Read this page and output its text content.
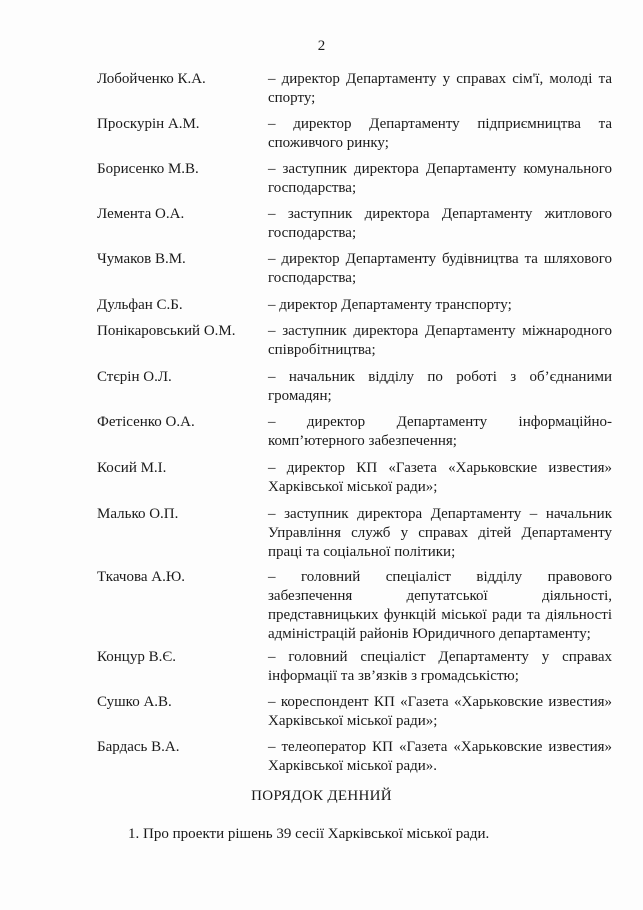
2
Лобойченко К.А.	– директор Департаменту у справах сім'ї, молоді та
спорту;
Проскурін А.М.	– директор Департаменту підприємництва та
споживчого ринку;
Борисенко М.В.	– заступник директора Департаменту комунального
господарства;
Лемента О.А.	– заступник директора Департаменту житлового
господарства;
Чумаков В.М.	– директор Департаменту будівництва та шляхового
господарства;
Дульфан С.Б.	– директор Департаменту транспорту;
Понікаровський О.М. – заступник директора Департаменту міжнародного
співробітництва;
Стєрін О.Л.	– начальник відділу по роботі з об’єднаними
громадян;
Фетісенко О.А.	– директор Департаменту інформаційно-
комп’ютерного забезпечення;
Косий М.І.	– директор КП «Газета «Харьковские известия»
Харківської міської ради»;
Малько О.П.	– заступник директора Департаменту – начальник
Управління служб у справах дітей Департаменту
праці та соціальної політики;
Ткачова А.Ю.	– головний спеціаліст відділу правового
забезпечення депутатської діяльності,
представницьких функцій міської ради та діяльності
адміністрацій районів Юридичного департаменту;
Концур В.Є.	– головний спеціаліст Департаменту у справах
інформації та зв’язків з громадськістю;
Сушко А.В.	– кореспондент КП «Газета «Харьковские известия»
Харківської міської ради»;
Бардась В.А.	– телеоператор КП «Газета «Харьковские известия»
Харківської міської ради».
ПОРЯДОК ДЕННИЙ
1. Про проекти рішень 39 сесії Харківської міської ради.
